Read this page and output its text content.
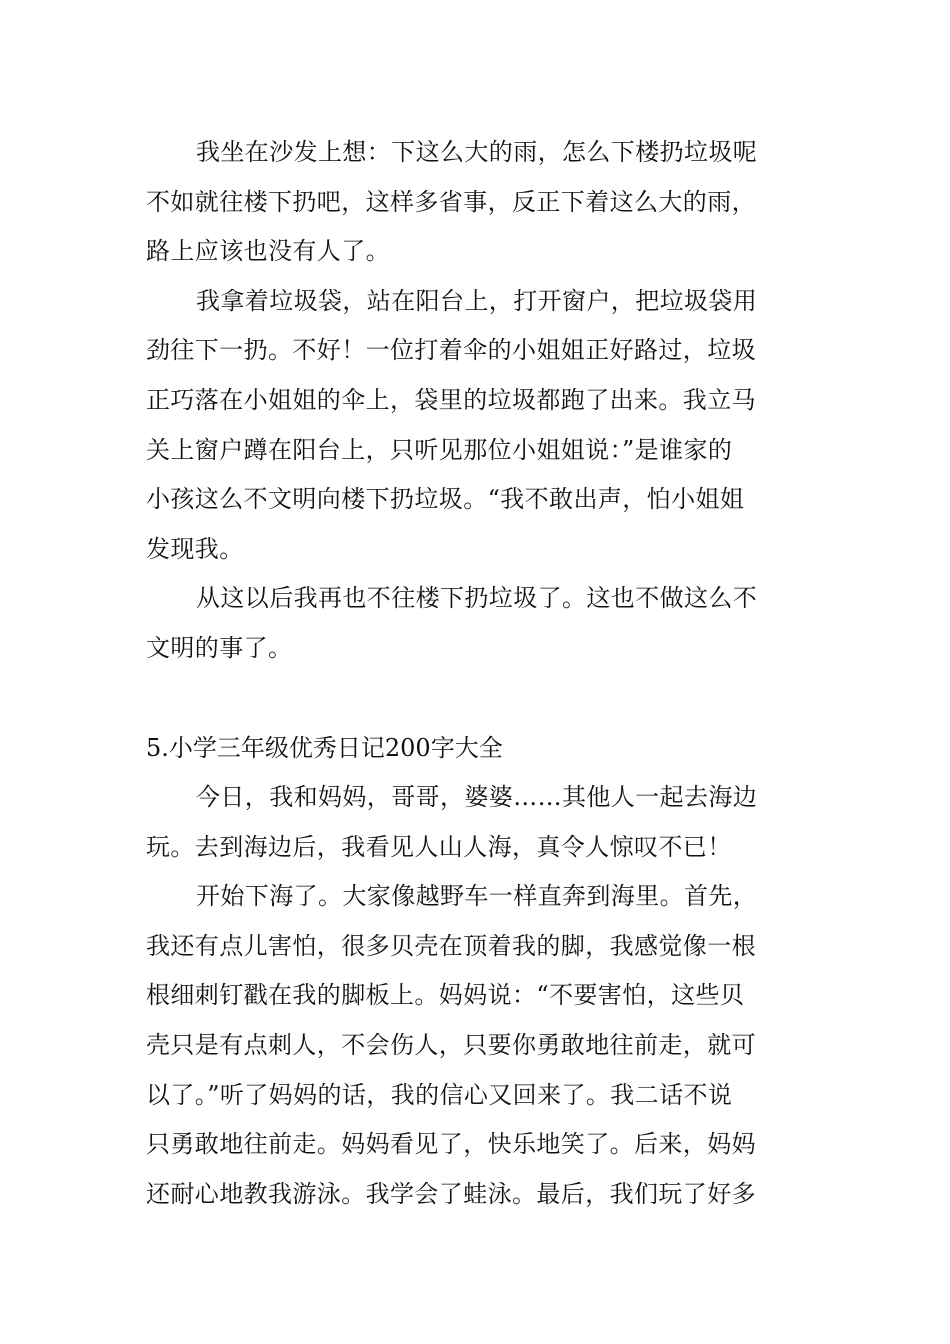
我坐在沙发上想：下这么大的雨，怎么下楼扔垃圾呢
不如就往楼下扔吧，这样多省事，反正下着这么大的雨，
路上应该也没有人了。
我拿着垃圾袋，站在阳台上，打开窗户，把垃圾袋用
劲往下一扔。不好！一位打着伞的小姐姐正好路过，垃圾
正巧落在小姐姐的伞上，袋里的垃圾都跑了出来。我立马
关上窗户蹲在阳台上，只听见那位小姐姐说：”是谁家的
小孩这么不文明向楼下扔垃圾。“我不敢出声，怕小姐姐
发现我。
从这以后我再也不往楼下扔垃圾了。这也不做这么不
文明的事了。
5.小学三年级优秀日记200字大全
今日，我和妈妈，哥哥，婆婆……其他人一起去海边
玩。去到海边后，我看见人山人海，真令人惊叹不已！
开始下海了。大家像越野车一样直奔到海里。首先，
我还有点儿害怕，很多贝壳在顶着我的脚，我感觉像一根
根细刺钉戳在我的脚板上。妈妈说：“不要害怕，这些贝
壳只是有点刺人，不会伤人，只要你勇敢地往前走，就可
以了。”听了妈妈的话，我的信心又回来了。我二话不说
只勇敢地往前走。妈妈看见了，快乐地笑了。后来，妈妈
还耐心地教我游泳。我学会了蛙泳。最后，我们玩了好多
